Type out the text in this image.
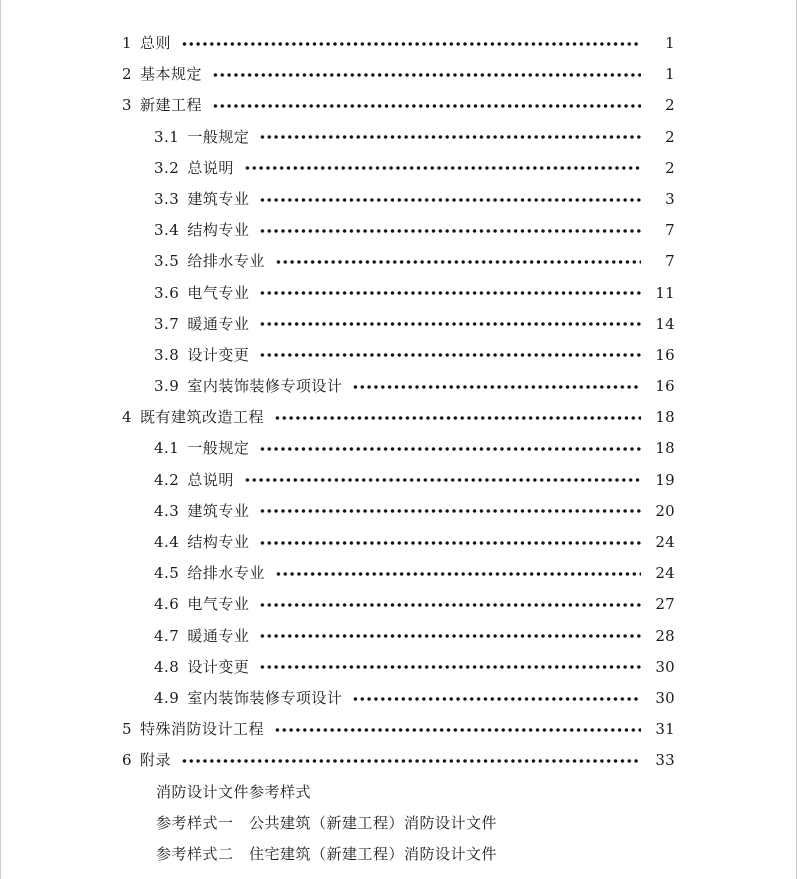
1 总则	1
2 基本规定	1
3 新建工程	2
3.1 一般规定	2
3.2 总说明	2
3.3 建筑专业	3
3.4 结构专业	7
3.5 给排水专业	7
3.6 电气专业	11
3.7 暖通专业	14
3.8 设计变更	16
3.9 室内装饰装修专项设计	16
4 既有建筑改造工程	18
4.1 一般规定	18
4.2 总说明	19
4.3 建筑专业	20
4.4 结构专业	24
4.5 给排水专业	24
4.6 电气专业	27
4.7 暖通专业	28
4.8 设计变更	30
4.9 室内装饰装修专项设计	30
5 特殊消防设计工程	31
6 附录	33
消防设计文件参考样式
参考样式一　公共建筑（新建工程）消防设计文件
参考样式二　住宅建筑（新建工程）消防设计文件
